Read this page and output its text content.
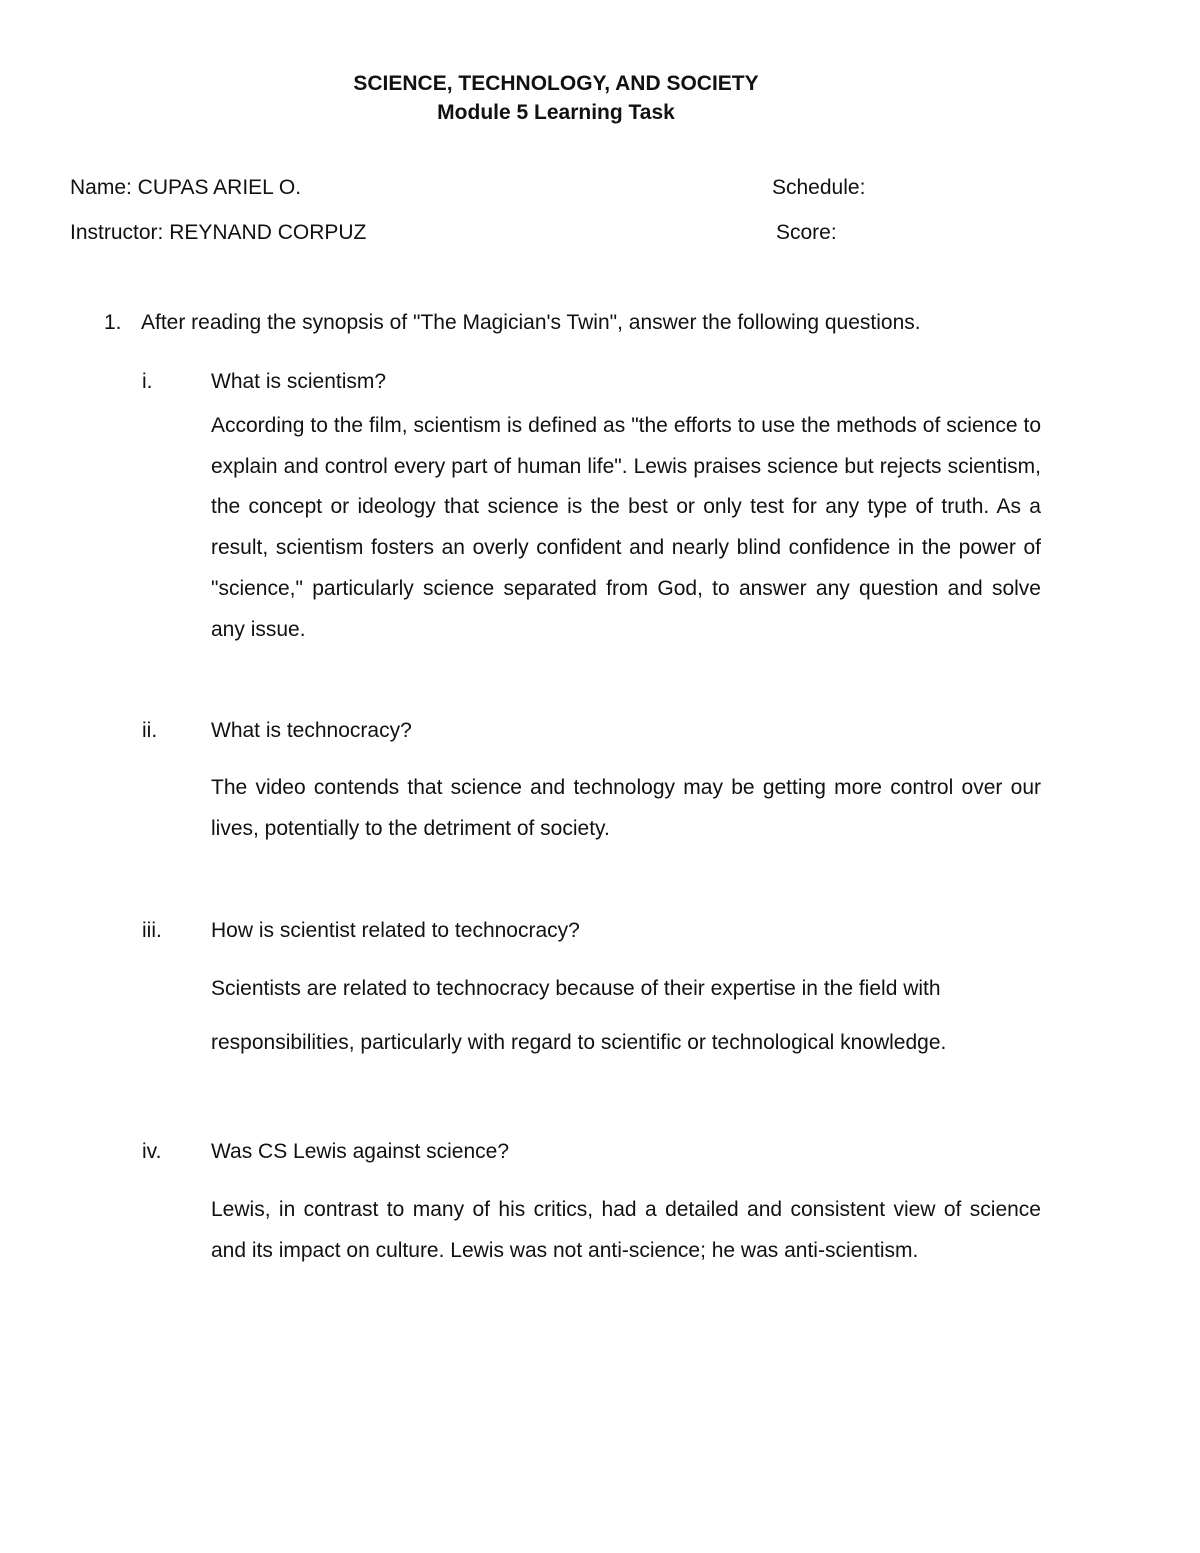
SCIENCE, TECHNOLOGY, AND SOCIETY
Module 5 Learning Task
Name: CUPAS ARIEL O.	Schedule:
Instructor: REYNAND CORPUZ	Score:
1. After reading the synopsis of "The Magician's Twin", answer the following questions.
i.	What is scientism?

According to the film, scientism is defined as "the efforts to use the methods of science to explain and control every part of human life". Lewis praises science but rejects scientism, the concept or ideology that science is the best or only test for any type of truth. As a result, scientism fosters an overly confident and nearly blind confidence in the power of "science," particularly science separated from God, to answer any question and solve any issue.

ii.	What is technocracy?

The video contends that science and technology may be getting more control over our lives, potentially to the detriment of society.

iii. How is scientist related to technocracy?

Scientists are related to technocracy because of their expertise in the field with responsibilities, particularly with regard to scientific or technological knowledge.

iv. Was CS Lewis against science?

Lewis, in contrast to many of his critics, had a detailed and consistent view of science and its impact on culture. Lewis was not anti-science; he was anti-scientism.
